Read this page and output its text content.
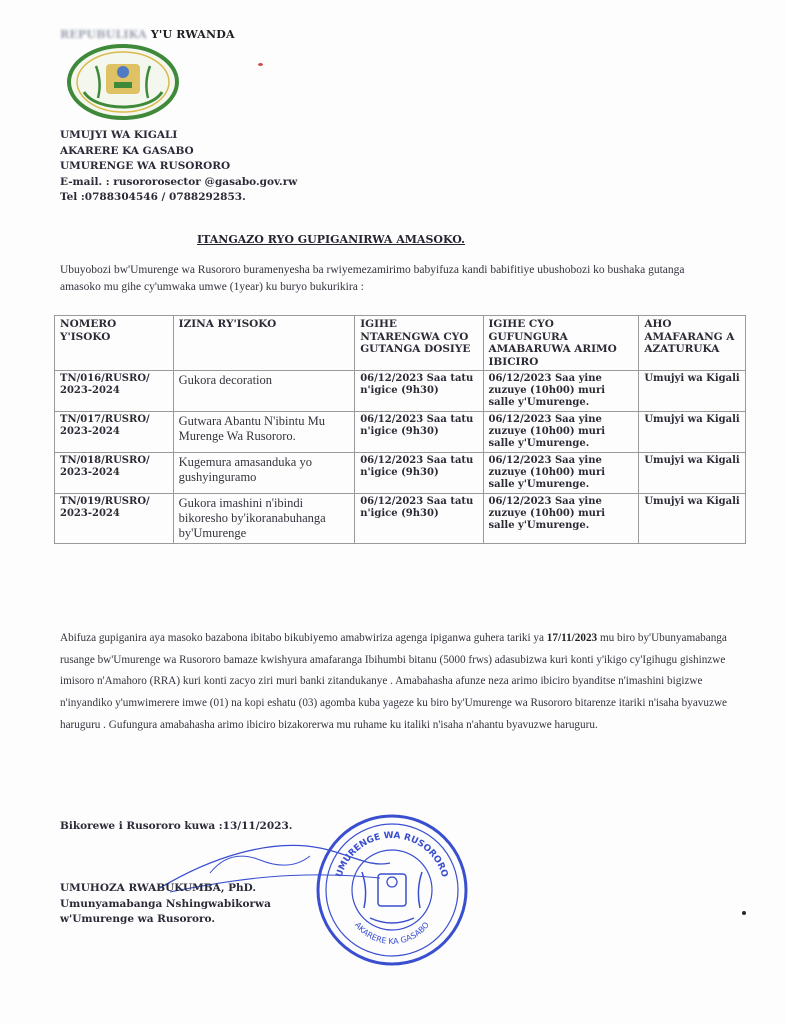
REPUBULIKA Y'U RWANDA
UMUJYI WA KIGALI
AKARERE KA GASABO
UMURENGE WA RUSORORO
E-mail. : rusororosector @gasabo.gov.rw
Tel :0788304546 / 0788292853.
ITANGAZO RYO GUPIGANIRWA AMASOKO.
Ubuyobozi bw'Umurenge wa Rusororo buramenyesha ba rwiyemezamirimo babyifuza kandi babifitiye ubushobozi ko bushaka gutanga amasoko mu gihe cy'umwaka umwe (1year) ku buryo bukurikira :
NOMERO Y'ISOKO	IZINA RY'ISOKO	IGIHE NTARENGWA CYO GUTANGA DOSIYE	IGIHE CYO GUFUNGURA AMABARUWA ARIMO IBICIRO	AHO AMAFARANG A AZATURUKA
TN/016/RUSRO/ 2023-2024	Gukora decoration	06/12/2023 Saa tatu n'igice (9h30)	06/12/2023 Saa yine zuzuye (10h00) muri salle y'Umurenge.	Umujyi wa Kigali
TN/017/RUSRO/ 2023-2024	Gutwara Abantu N'ibintu Mu Murenge Wa Rusororo.	06/12/2023 Saa tatu n'igice (9h30)	06/12/2023 Saa yine zuzuye (10h00) muri salle y'Umurenge.	Umujyi wa Kigali
TN/018/RUSRO/ 2023-2024	Kugemura amasanduka yo gushyinguramo	06/12/2023 Saa tatu n'igice (9h30)	06/12/2023 Saa yine zuzuye (10h00) muri salle y'Umurenge.	Umujyi wa Kigali
TN/019/RUSRO/ 2023-2024	Gukora imashini n'ibindi bikoresho by'ikoranabuhanga by'Umurenge	06/12/2023 Saa tatu n'igice (9h30)	06/12/2023 Saa yine zuzuye (10h00) muri salle y'Umurenge.	Umujyi wa Kigali
Abifuza gupiganira aya masoko bazabona ibitabo bikubiyemo amabwiriza agenga ipiganwa guhera tariki ya 17/11/2023 mu biro by'Ubunyamabanga rusange bw'Umurenge wa Rusororo bamaze kwishyura amafaranga Ibihumbi bitanu (5000 frws) adasubizwa kuri konti y'ikigo cy'Igihugu gishinzwe imisoro n'Amahoro (RRA) kuri konti zacyo ziri muri banki zitandukanye . Amabahasha afunze neza arimo ibiciro byanditse n'imashini bigizwe n'inyandiko y'umwimerere imwe (01) na kopi eshatu (03) agomba kuba yageze ku biro by'Umurenge wa Rusororo bitarenze itariki n'isaha byavuzwe haruguru . Gufungura amabahasha arimo ibiciro bizakorerwa mu ruhame ku italiki n'isaha n'ahantu byavuzwe haruguru.
Bikorewe i Rusororo kuwa :13/11/2023.
UMUHOZA RWABUKUMBA, PhD.
Umunyamabanga Nshingwabikorwa
w'Umurenge wa Rusororo.
UMURENGE WA RUSORORO
AKARERE KA GASABO
